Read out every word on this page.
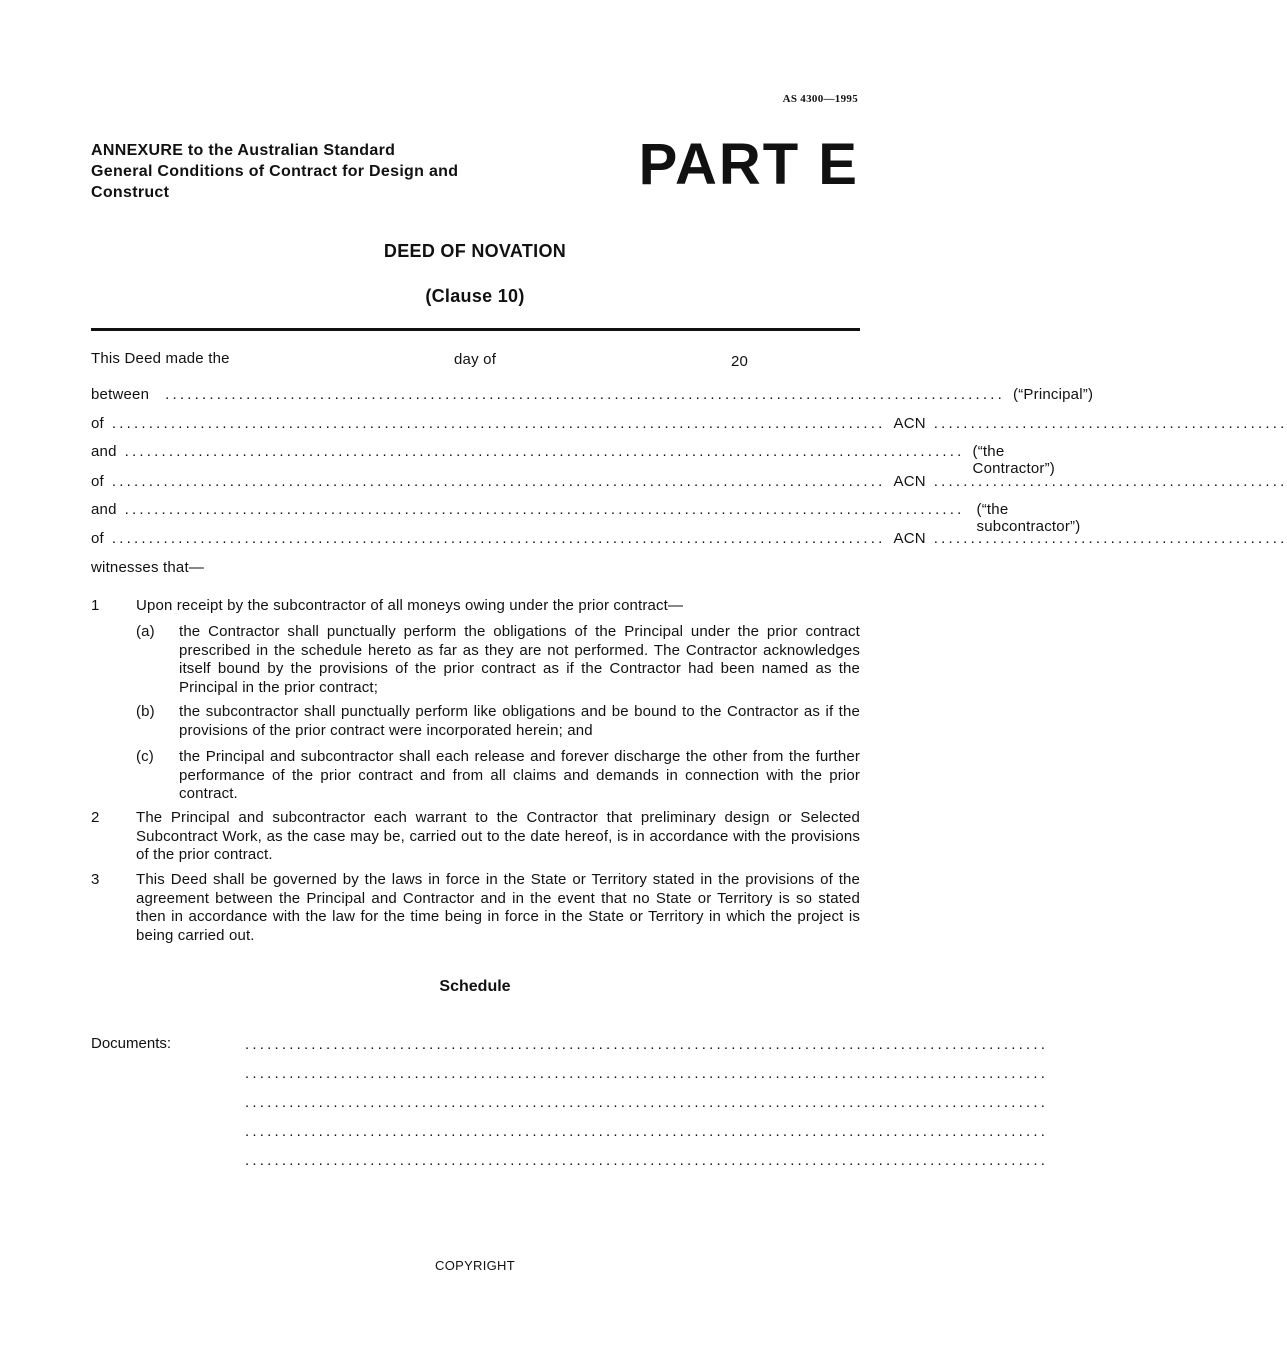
AS 4300—1995
ANNEXURE to the Australian Standard
General Conditions of Contract for Design and
Construct	PART E
DEED OF NOVATION
(Clause 10)
This Deed made the	day of	20
between .................................................................................................................. (“Principal”)
of ......................................................................................................... ACN ................................................
and .................................................................................................................. (“the Contractor”)
of ......................................................................................................... ACN ................................................
and .................................................................................................................. (“the subcontractor”)
of ......................................................................................................... ACN ................................................
witnesses that—
1 Upon receipt by the subcontractor of all moneys owing under the prior contract—
(a) the Contractor shall punctually perform the obligations of the Principal under the prior contract prescribed in the schedule hereto as far as they are not performed. The Contractor acknowledges itself bound by the provisions of the prior contract as if the Contractor had been named as the Principal in the prior contract;
(b) the subcontractor shall punctually perform like obligations and be bound to the Contractor as if the provisions of the prior contract were incorporated herein; and
(c) the Principal and subcontractor shall each release and forever discharge the other from the further performance of the prior contract and from all claims and demands in connection with the prior contract.
2 The Principal and subcontractor each warrant to the Contractor that preliminary design or Selected Subcontract Work, as the case may be, carried out to the date hereof, is in accordance with the provisions of the prior contract.
3 This Deed shall be governed by the laws in force in the State or Territory stated in the provisions of the agreement between the Principal and Contractor and in the event that no State or Territory is so stated then in accordance with the law for the time being in force in the State or Territory in which the project is being carried out.
Schedule
Documents:	.............................................................................................................
.............................................................................................................
.............................................................................................................
.............................................................................................................
.............................................................................................................
COPYRIGHT
